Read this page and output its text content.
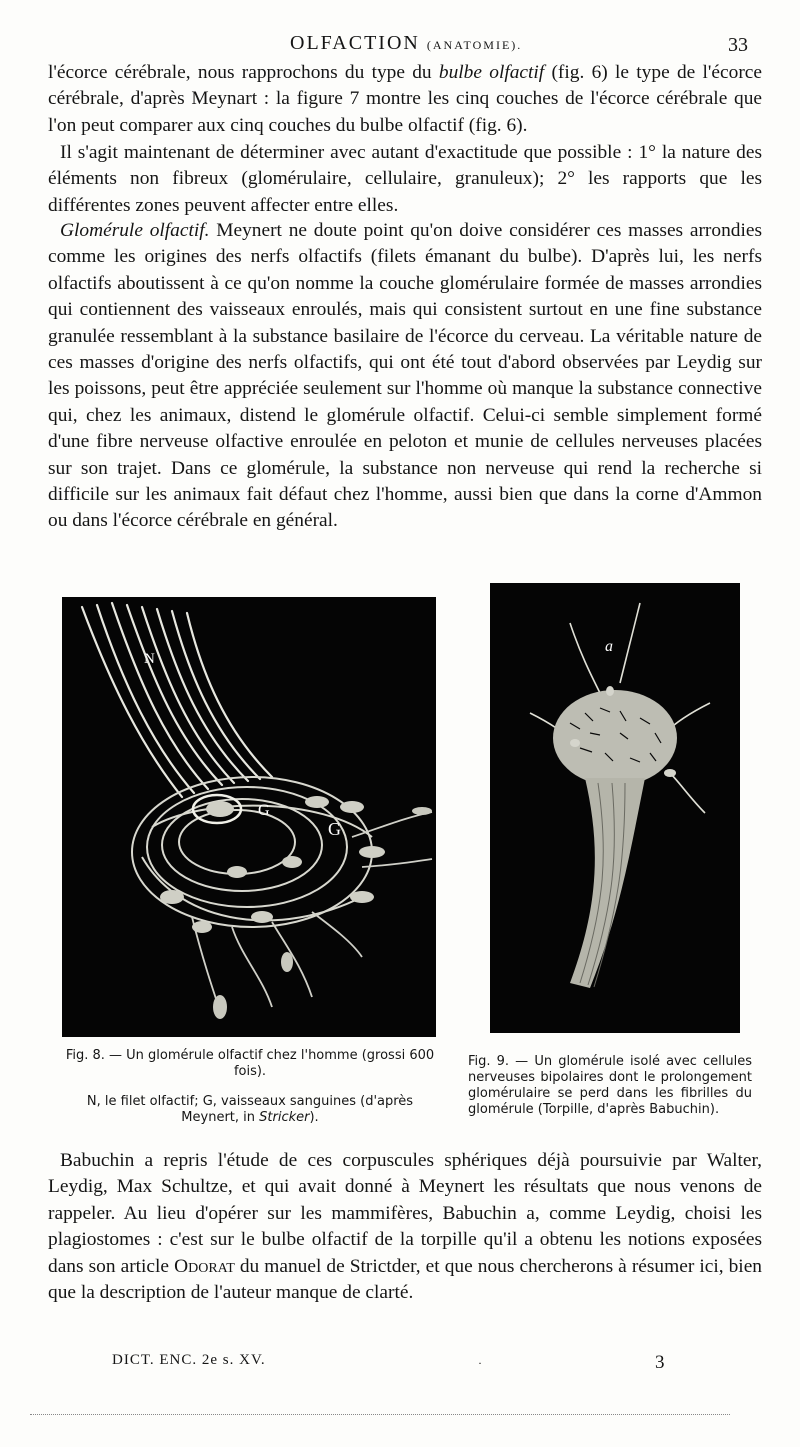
OLFACTION (ANATOMIE).	33

l'écorce cérébrale, nous rapprochons du type du bulbe olfactif (fig. 6) le type de l'écorce cérébrale, d'après Meynart : la figure 7 montre les cinq couches de l'écorce cérébrale que l'on peut comparer aux cinq couches du bulbe olfactif (fig. 6).

Il s'agit maintenant de déterminer avec autant d'exactitude que possible : 1° la nature des éléments non fibreux (glomérulaire, cellulaire, granuleux); 2° les rapports que les différentes zones peuvent affecter entre elles.

Glomérule olfactif. Meynert ne doute point qu'on doive considérer ces masses arrondies comme les origines des nerfs olfactifs (filets émanant du bulbe). D'après lui, les nerfs olfactifs aboutissent à ce qu'on nomme la couche glomérulaire formée de masses arrondies qui contiennent des vaisseaux enroulés, mais qui consistent surtout en une fine substance granulée ressemblant à la substance basilaire de l'écorce du cerveau. La véritable nature de ces masses d'origine des nerfs olfactifs, qui ont été tout d'abord observées par Leydig sur les poissons, peut être appréciée seulement sur l'homme où manque la substance connective qui, chez les animaux, distend le glomérule olfactif. Celui-ci semble simplement formé d'une fibre nerveuse olfactive enroulée en peloton et munie de cellules nerveuses placées sur son trajet. Dans ce glomérule, la substance non nerveuse qui rend la recherche si difficile sur les animaux fait défaut chez l'homme, aussi bien que dans la corne d'Ammon ou dans l'écorce cérébrale en général.

N
G
G
a

Fig. 8. — Un glomérule olfactif chez l'homme (grossi 600 fois).

N, le filet olfactif; G, vaisseaux sanguines (d'après Meynert, in Stricker).

Fig. 9. — Un glomérule isolé avec cellules nerveuses bipolaires dont le prolongement glomérulaire se perd dans les fibrilles du glomérule (Torpille, d'après Babuchin).

Babuchin a repris l'étude de ces corpuscules sphériques déjà poursuivie par Walter, Leydig, Max Schultze, et qui avait donné à Meynert les résultats que nous venons de rappeler. Au lieu d'opérer sur les mammifères, Babuchin a, comme Leydig, choisi les plagiostomes : c'est sur le bulbe olfactif de la torpille qu'il a obtenu les notions exposées dans son article Odorat du manuel de Strictder, et que nous chercherons à résumer ici, bien que la description de l'auteur manque de clarté.

DICT. ENC. 2e s. XV.	·	3
